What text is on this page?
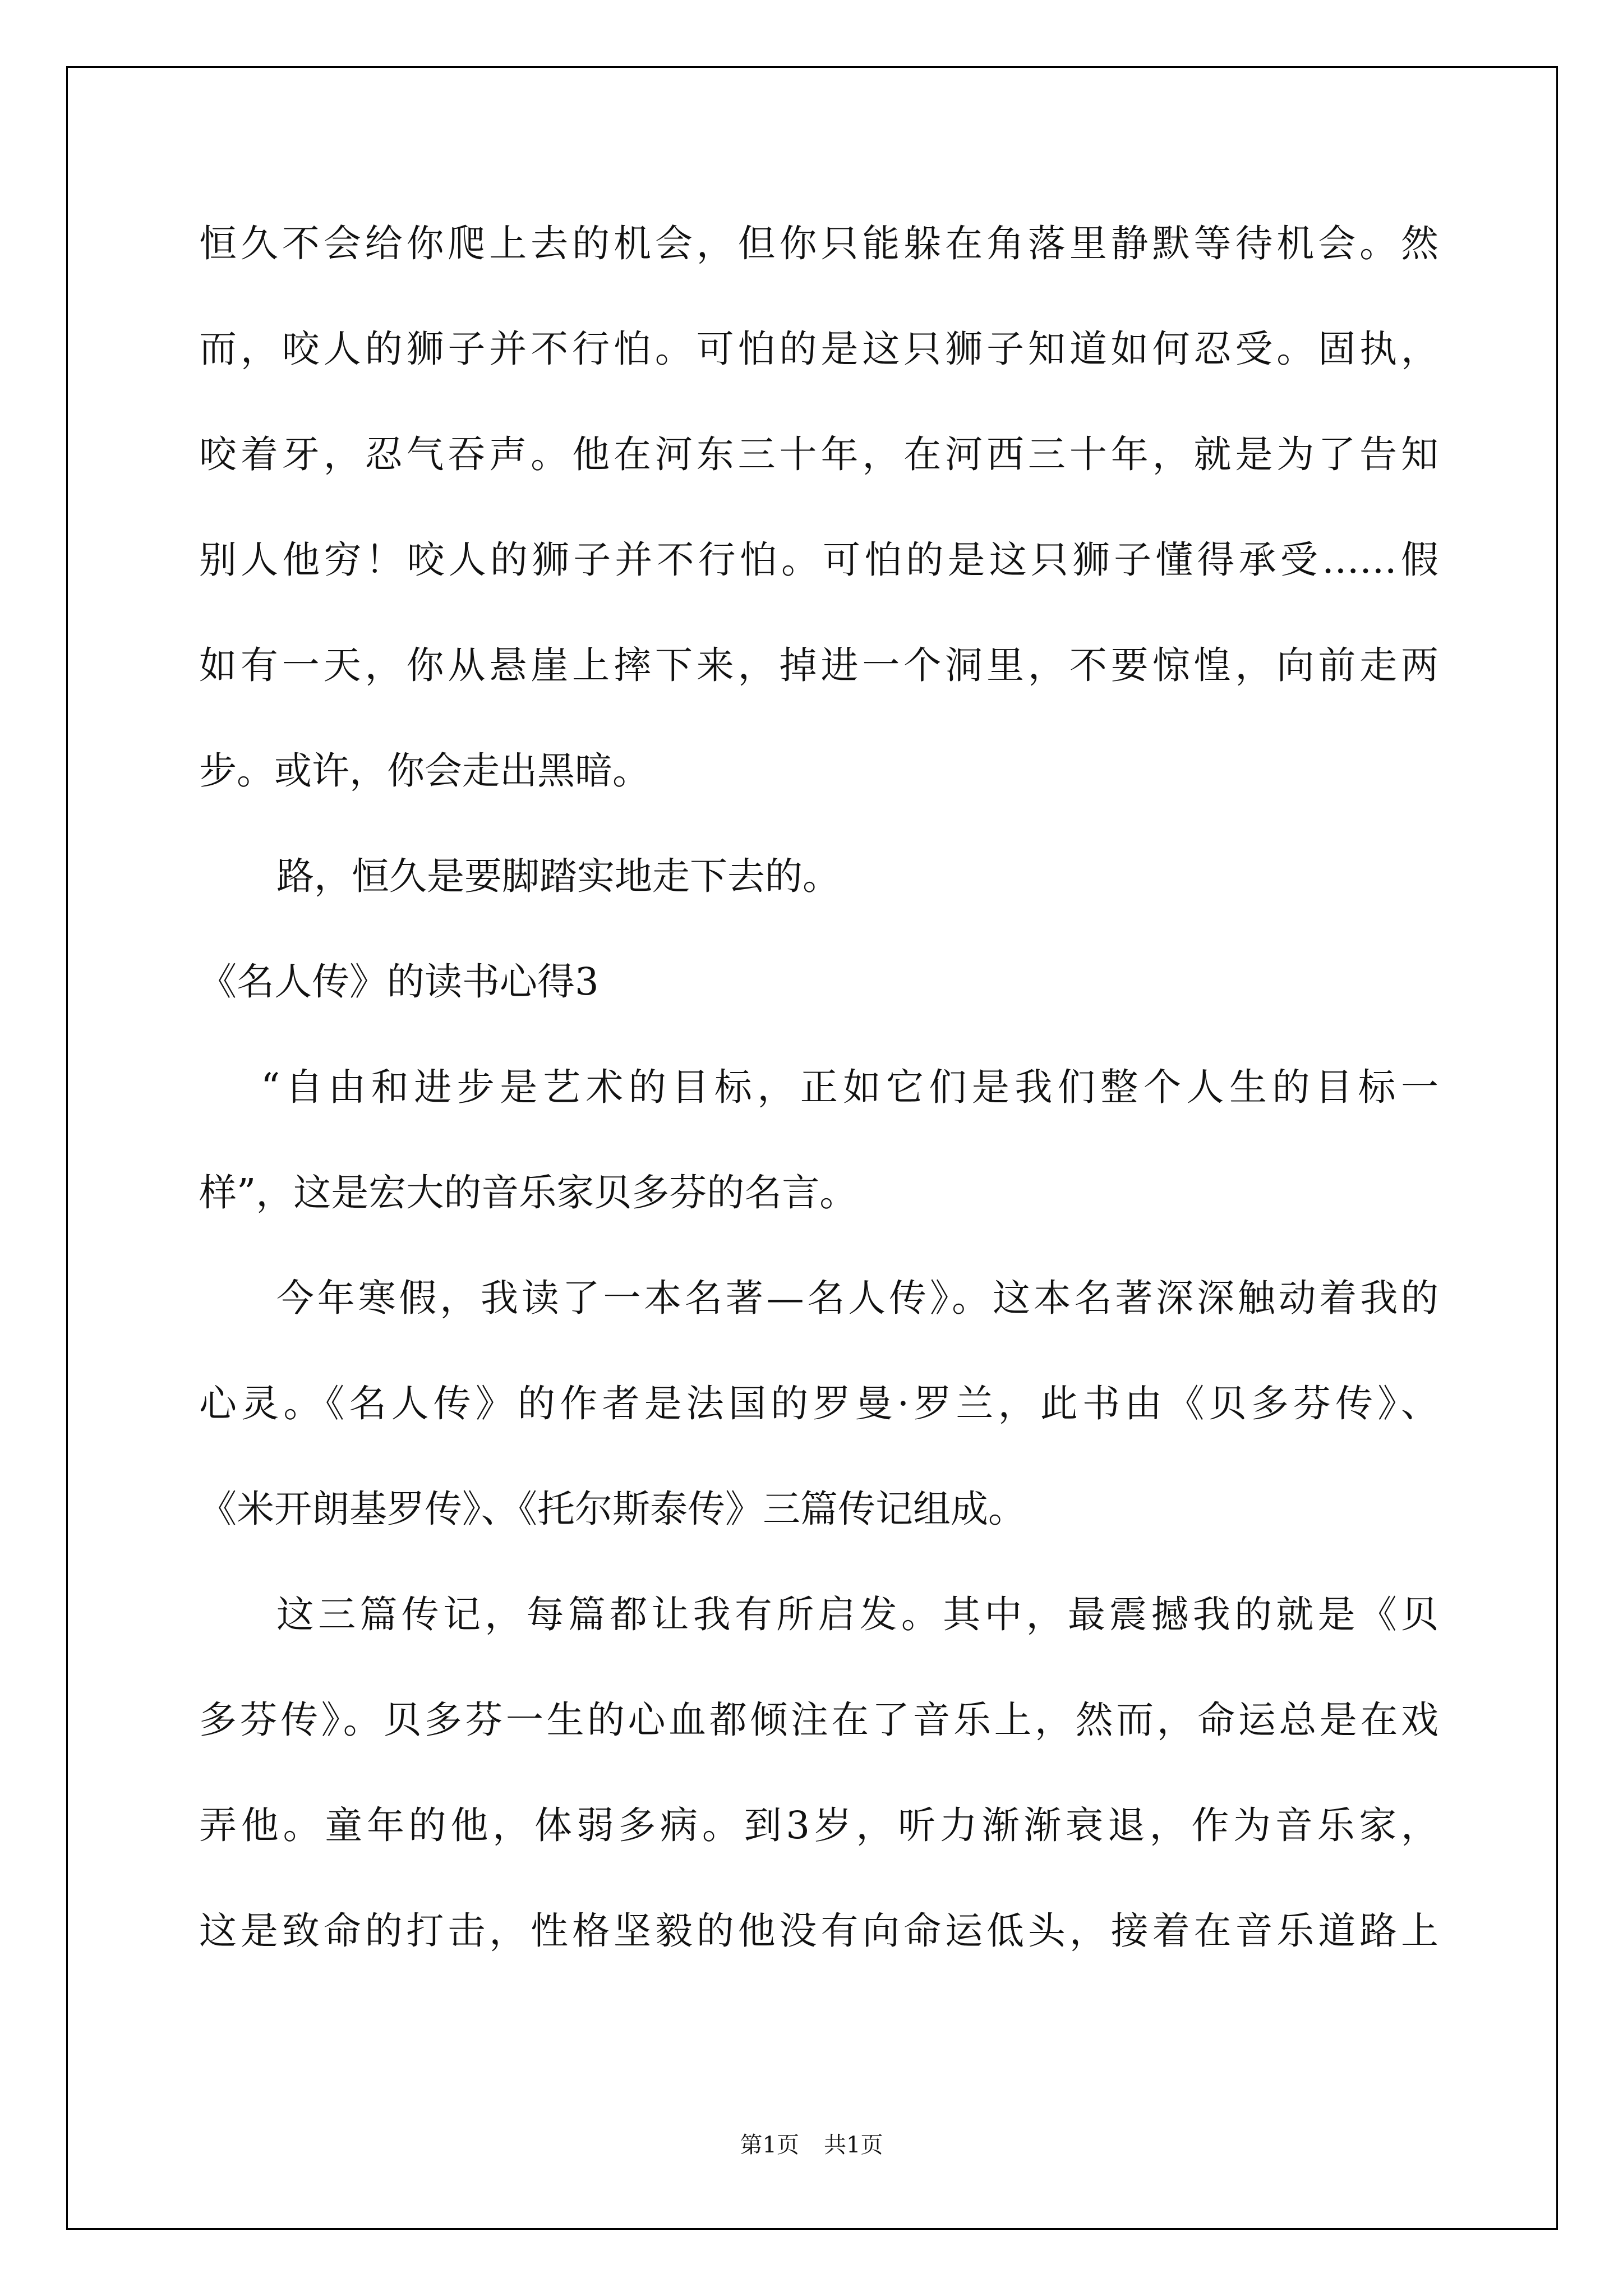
恒久不会给你爬上去的机会，但你只能躲在角落里静默等待机会。然
而，咬人的狮子并不行怕。可怕的是这只狮子知道如何忍受。固执，
咬着牙，忍气吞声。他在河东三十年，在河西三十年，就是为了告知
别人他穷！咬人的狮子并不行怕。可怕的是这只狮子懂得承受……假
如有一天，你从悬崖上摔下来，掉进一个洞里，不要惊惶，向前走两
步。或许，你会走出黑暗。
路，恒久是要脚踏实地走下去的。
《名人传》的读书心得3
“自由和进步是艺术的目标，正如它们是我们整个人生的目标一
样”，这是宏大的音乐家贝多芬的名言。
今年寒假，我读了一本名著—名人传》。这本名著深深触动着我的
心灵。《名人传》的作者是法国的罗曼·罗兰，此书由《贝多芬传》、
《米开朗基罗传》、《托尔斯泰传》三篇传记组成。
这三篇传记，每篇都让我有所启发。其中，最震撼我的就是《贝
多芬传》。贝多芬一生的心血都倾注在了音乐上，然而，命运总是在戏
弄他。童年的他，体弱多病。到3岁，听力渐渐衰退，作为音乐家，
这是致命的打击，性格坚毅的他没有向命运低头，接着在音乐道路上
第1页 共1页
